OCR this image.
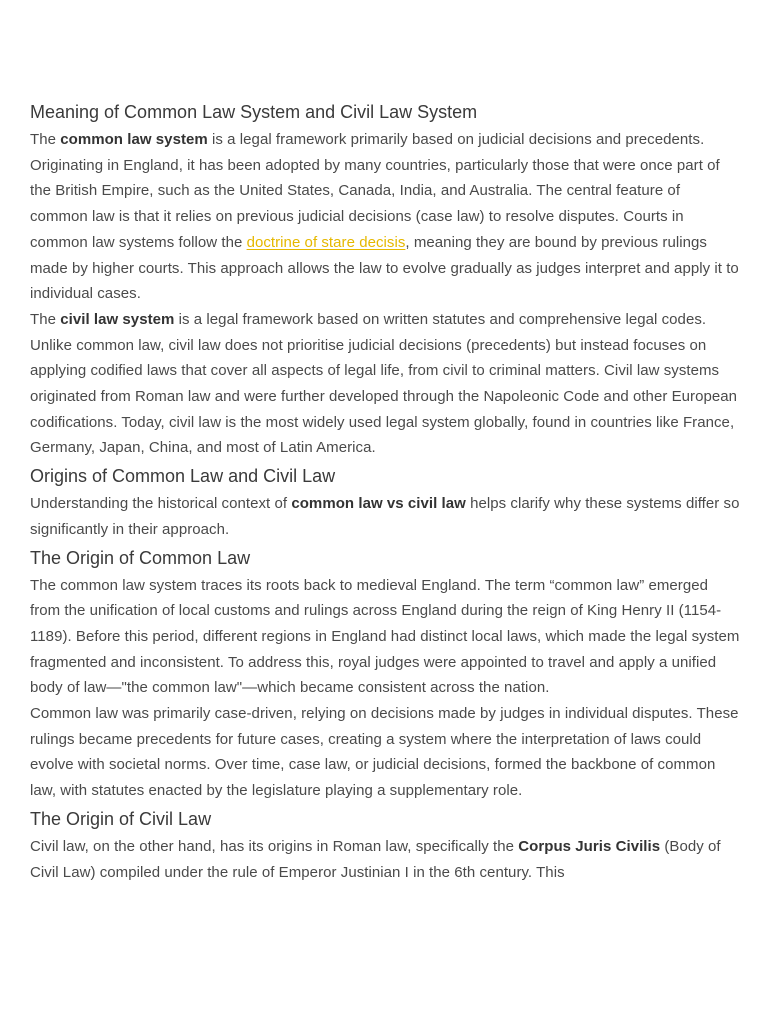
Meaning of Common Law System and Civil Law System

The common law system is a legal framework primarily based on judicial decisions and precedents. Originating in England, it has been adopted by many countries, particularly those that were once part of the British Empire, such as the United States, Canada, India, and Australia. The central feature of common law is that it relies on previous judicial decisions (case law) to resolve disputes. Courts in common law systems follow the doctrine of stare decisis, meaning they are bound by previous rulings made by higher courts. This approach allows the law to evolve gradually as judges interpret and apply it to individual cases.

The civil law system is a legal framework based on written statutes and comprehensive legal codes. Unlike common law, civil law does not prioritise judicial decisions (precedents) but instead focuses on applying codified laws that cover all aspects of legal life, from civil to criminal matters. Civil law systems originated from Roman law and were further developed through the Napoleonic Code and other European codifications. Today, civil law is the most widely used legal system globally, found in countries like France, Germany, Japan, China, and most of Latin America.

Origins of Common Law and Civil Law

Understanding the historical context of common law vs civil law helps clarify why these systems differ so significantly in their approach.

The Origin of Common Law

The common law system traces its roots back to medieval England. The term “common law” emerged from the unification of local customs and rulings across England during the reign of King Henry II (1154-1189). Before this period, different regions in England had distinct local laws, which made the legal system fragmented and inconsistent. To address this, royal judges were appointed to travel and apply a unified body of law—"the common law"—which became consistent across the nation.

Common law was primarily case-driven, relying on decisions made by judges in individual disputes. These rulings became precedents for future cases, creating a system where the interpretation of laws could evolve with societal norms. Over time, case law, or judicial decisions, formed the backbone of common law, with statutes enacted by the legislature playing a supplementary role.

The Origin of Civil Law

Civil law, on the other hand, has its origins in Roman law, specifically the Corpus Juris Civilis (Body of Civil Law) compiled under the rule of Emperor Justinian I in the 6th century. This
